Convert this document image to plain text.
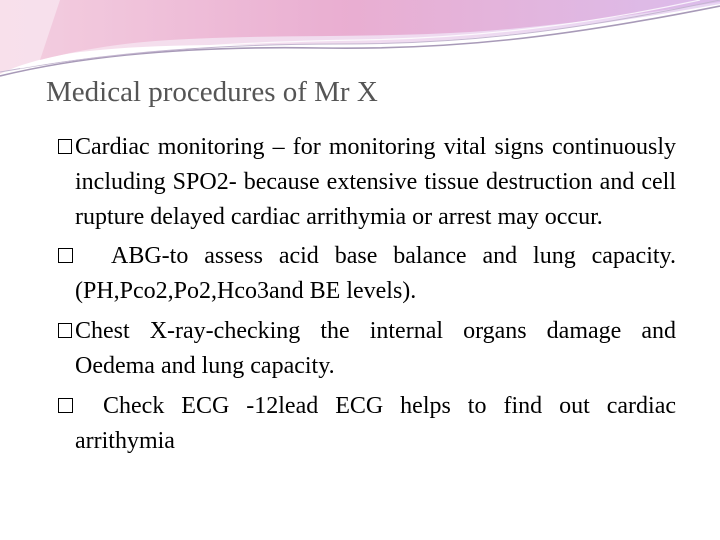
Medical procedures of Mr X

Cardiac monitoring – for monitoring vital signs continuously including SPO2- because extensive tissue destruction and cell rupture delayed cardiac arrithymia or arrest may occur.

ABG-to assess acid base balance and lung capacity.(PH,Pco2,Po2,Hco3and BE levels).

Chest X-ray-checking the internal organs damage and Oedema and lung capacity.

Check ECG -12lead ECG helps to find out cardiac arrithymia
